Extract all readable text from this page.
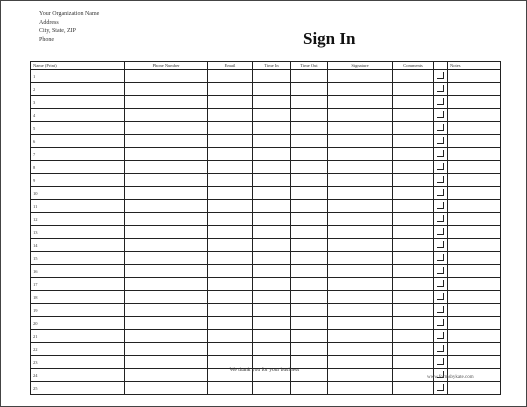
Your Organization Name
Address
City, State, ZIP
Phone	Sign In
Name (Print)	Phone Number	Email	Time In	Time Out	Signature	Comments		Notes
1								
2								
3								
4								
5								
6								
7								
8								
9								
10								
11								
12								
13								
14								
15								
16								
17								
18								
19								
20								
21								
22								
23								
24								
25								
We thank you for your business
www.formsbykate.com
